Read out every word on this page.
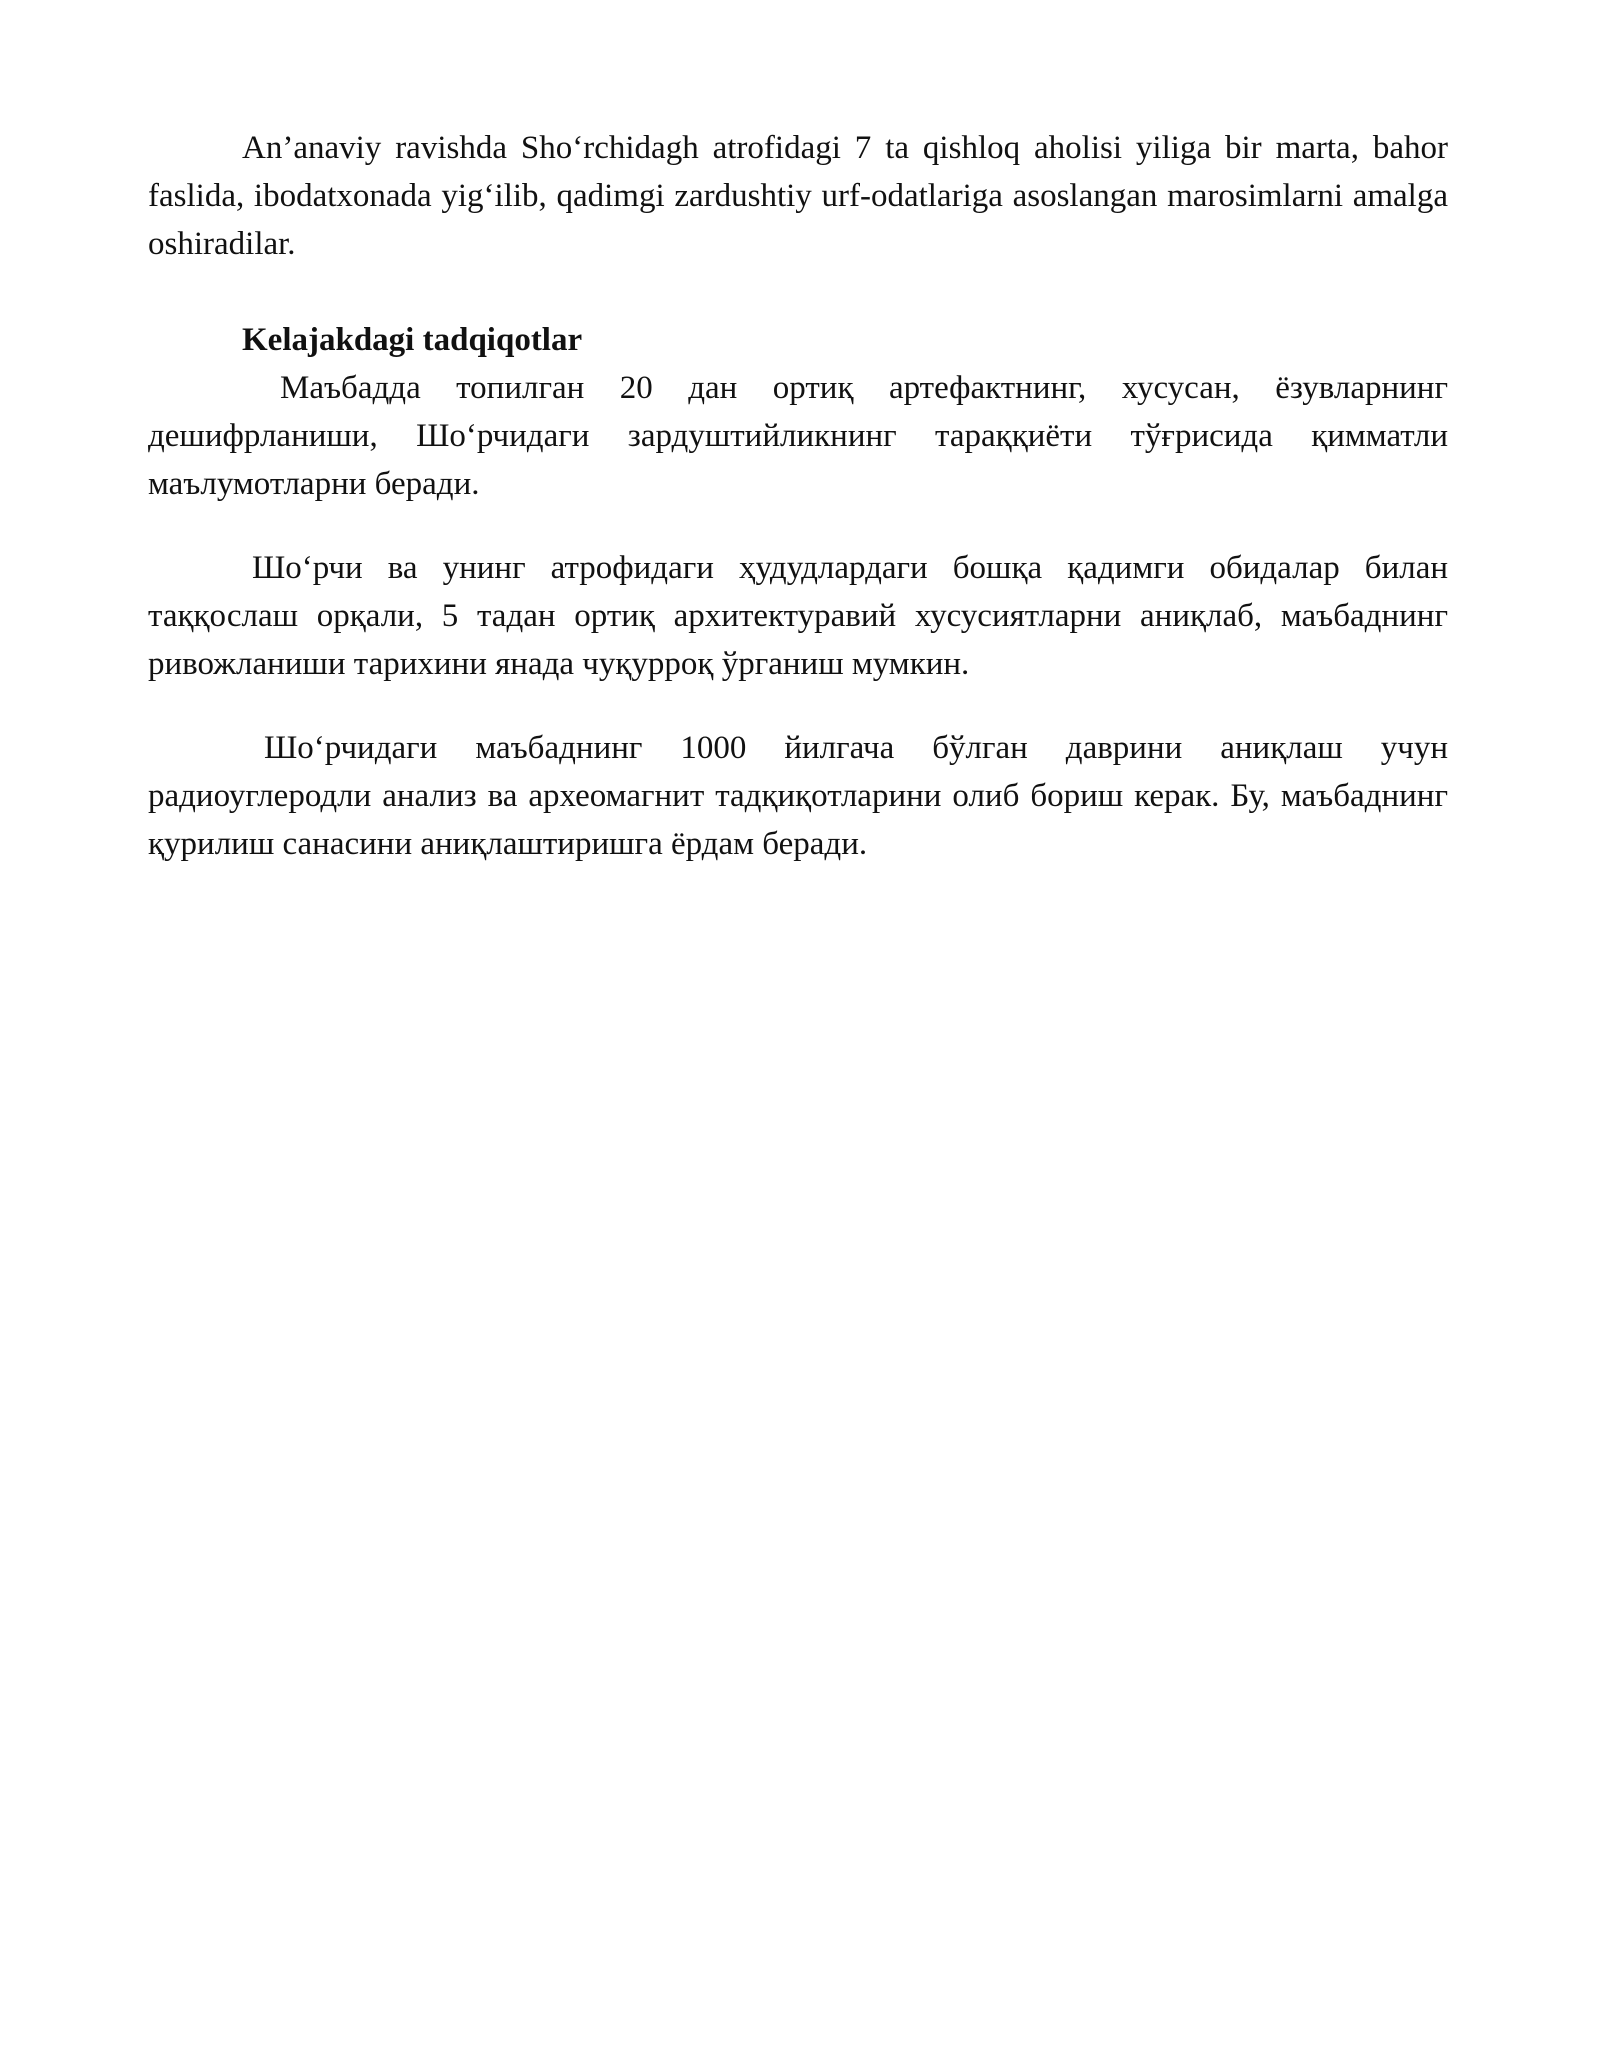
An’anaviy ravishda Sho‘rchidagh atrofidagi 7 ta qishloq aholisi yiliga bir marta, bahor faslida, ibodatxonada yig‘ilib, qadimgi zardushtiy urf-odatlariga asoslangan marosimlarni amalga oshiradilar.

Kelajakdagi tadqiqotlar

Маъбадда топилган 20 дан ортиқ артефактнинг, хусусан, ёзувларнинг дешифрланиши, Шоʻрчидаги зардуштийликнинг тараққиёти тўғрисида қимматли маълумотларни беради.

Шоʻрчи ва унинг атрофидаги ҳудудлардаги бошқа қадимги обидалар билан таққослаш орқали, 5 тадан ортиқ архитектуравий хусусиятларни аниқлаб, маъбаднинг ривожланиши тарихини янада чуқурроқ ўрганиш мумкин.

Шоʻрчидаги маъбаднинг 1000 йилгача бўлган даврини аниқлаш учун радиоуглеродли анализ ва археомагнит тадқиқотларини олиб бориш керак. Бу, маъбаднинг қурилиш санасини аниқлаштиришга ёрдам беради.
